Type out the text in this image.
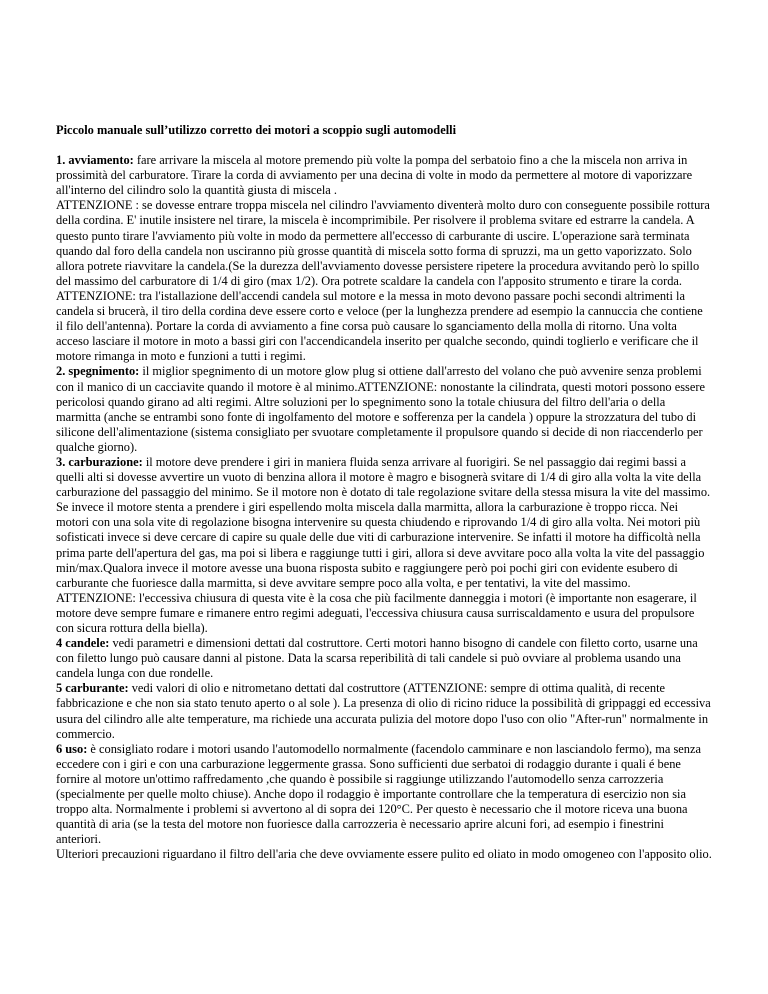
Piccolo manuale sull’utilizzo corretto dei motori a scoppio sugli automodelli

1. avviamento: fare arrivare la miscela al motore premendo più volte la pompa del serbatoio fino a che la miscela non arriva in prossimità del carburatore. Tirare la corda di avviamento per una decina di volte in modo da permettere al motore di vaporizzare all'interno del cilindro solo la quantità giusta di miscela .

ATTENZIONE : se dovesse entrare troppa miscela nel cilindro l'avviamento diventerà molto duro con conseguente possibile rottura della cordina. E' inutile insistere nel tirare, la miscela è incomprimibile. Per risolvere il problema svitare ed estrarre la candela. A questo punto tirare l'avviamento più volte in modo da permettere all'eccesso di carburante di uscire. L'operazione sarà terminata quando dal foro della candela non usciranno più grosse quantità di miscela sotto forma di spruzzi, ma un getto vaporizzato. Solo allora potrete riavvitare la candela.(Se la durezza dell'avviamento dovesse persistere ripetere la procedura avvitando però lo spillo del massimo del carburatore di 1/4 di giro (max 1/2). Ora potrete scaldare la candela con l'apposito strumento e tirare la corda. ATTENZIONE: tra l'istallazione dell'accendi candela sul motore e la messa in moto devono passare pochi secondi altrimenti la candela si brucerà, il tiro della cordina deve essere corto e veloce (per la lunghezza prendere ad esempio la cannuccia che contiene il filo dell'antenna). Portare la corda di avviamento a fine corsa può causare lo sganciamento della molla di ritorno. Una volta acceso lasciare il motore in moto a bassi giri con l'accendicandela inserito per qualche secondo, quindi toglierlo e verificare che il motore rimanga in moto e funzioni a tutti i regimi.

2. spegnimento: il miglior spegnimento di un motore glow plug si ottiene dall'arresto del volano che può avvenire senza problemi con il manico di un cacciavite quando il motore è al minimo.ATTENZIONE: nonostante la cilindrata, questi motori possono essere pericolosi quando girano ad alti regimi. Altre soluzioni per lo spegnimento sono la totale chiusura del filtro dell'aria o della marmitta (anche se entrambi sono fonte di ingolfamento del motore e sofferenza per la candela ) oppure la strozzatura del tubo di silicone dell'alimentazione (sistema consigliato per svuotare completamente il propulsore quando si decide di non riaccenderlo per qualche giorno).

3. carburazione: il motore deve prendere i giri in maniera fluida senza arrivare al fuorigiri. Se nel passaggio dai regimi bassi a quelli alti si dovesse avvertire un vuoto di benzina allora il motore è magro e bisognerà svitare di 1/4 di giro alla volta la vite della carburazione del passaggio del minimo. Se il motore non è dotato di tale regolazione svitare della stessa misura la vite del massimo. Se invece il motore stenta a prendere i giri espellendo molta miscela dalla marmitta, allora la carburazione è troppo ricca. Nei motori con una sola vite di regolazione bisogna intervenire su questa chiudendo e riprovando 1/4 di giro alla volta. Nei motori più sofisticati invece si deve cercare di capire su quale delle due viti di carburazione intervenire. Se infatti il motore ha difficoltà nella prima parte dell'apertura del gas, ma poi si libera e raggiunge tutti i giri, allora si deve avvitare poco alla volta la vite del passaggio min/max.Qualora invece il motore avesse una buona risposta subito e raggiungere però poi pochi giri con evidente esubero di carburante che fuoriesce dalla marmitta, si deve avvitare sempre poco alla volta, e per tentativi, la vite del massimo. ATTENZIONE: l'eccessiva chiusura di questa vite è la cosa che più facilmente danneggia i motori (è importante non esagerare, il motore deve sempre fumare e rimanere entro regimi adeguati, l'eccessiva chiusura causa surriscaldamento e usura del propulsore con sicura rottura della biella).

4 candele: vedi parametri e dimensioni dettati dal costruttore. Certi motori hanno bisogno di candele con filetto corto, usarne una con filetto lungo può causare danni al pistone. Data la scarsa reperibilità di tali candele si può ovviare al problema usando una candela lunga con due rondelle.

5 carburante: vedi valori di olio e nitrometano dettati dal costruttore (ATTENZIONE: sempre di ottima qualità, di recente fabbricazione e che non sia stato tenuto aperto o al sole ). La presenza di olio di ricino riduce la possibilità di grippaggi ed eccessiva usura del cilindro alle alte temperature, ma richiede una accurata pulizia del motore dopo l'uso con olio "After-run" normalmente in commercio.

6 uso: è consigliato rodare i motori usando l'automodello normalmente (facendolo camminare e non lasciandolo fermo), ma senza eccedere con i giri e con una carburazione leggermente grassa. Sono sufficienti due serbatoi di rodaggio durante i quali é bene fornire al motore un'ottimo raffredamento ,che quando è possibile si raggiunge utilizzando l'automodello senza carrozzeria (specialmente per quelle molto chiuse). Anche dopo il rodaggio è importante controllare che la temperatura di esercizio non sia troppo alta. Normalmente i problemi si avvertono al di sopra dei 120°C. Per questo è necessario che il motore riceva una buona quantità di aria (se la testa del motore non fuoriesce dalla carrozzeria è necessario aprire alcuni fori, ad esempio i finestrini anteriori.

Ulteriori precauzioni riguardano il filtro dell'aria che deve ovviamente essere pulito ed oliato in modo omogeneo con l'apposito olio.
